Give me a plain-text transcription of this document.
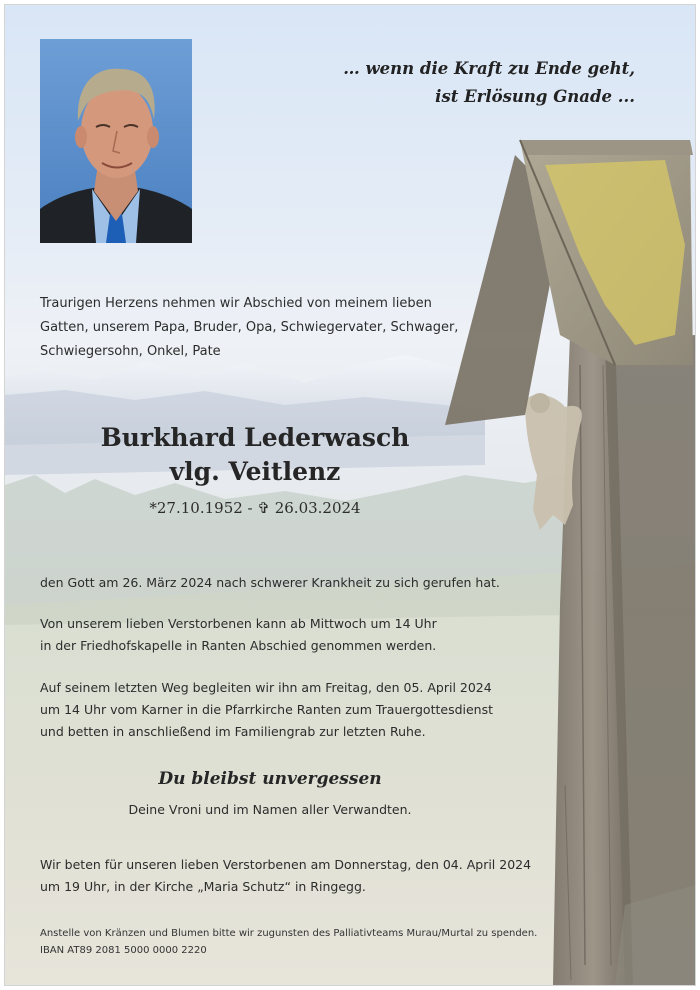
… wenn die Kraft zu Ende geht,
ist Erlösung Gnade ...
Traurigen Herzens nehmen wir Abschied von meinem lieben
Gatten, unserem Papa, Bruder, Opa, Schwiegervater, Schwager,
Schwiegersohn, Onkel, Pate
Burkhard Lederwasch
vlg. Veitlenz
*27.10.1952 - ✞ 26.03.2024
den Gott am 26. März 2024 nach schwerer Krankheit zu sich gerufen hat.
Von unserem lieben Verstorbenen kann ab Mittwoch um 14 Uhr
in der Friedhofskapelle in Ranten Abschied genommen werden.
Auf seinem letzten Weg begleiten wir ihn am Freitag, den 05. April 2024
um 14 Uhr vom Karner in die Pfarrkirche Ranten zum Trauergottesdienst
und betten in anschließend im Familiengrab zur letzten Ruhe.
Du bleibst unvergessen
Deine Vroni und im Namen aller Verwandten.
Wir beten für unseren lieben Verstorbenen am Donnerstag, den 04. April 2024
um 19 Uhr, in der Kirche „Maria Schutz“ in Ringegg.
Anstelle von Kränzen und Blumen bitte wir zugunsten des Palliativteams Murau/Murtal zu spenden.
IBAN AT89 2081 5000 0000 2220
